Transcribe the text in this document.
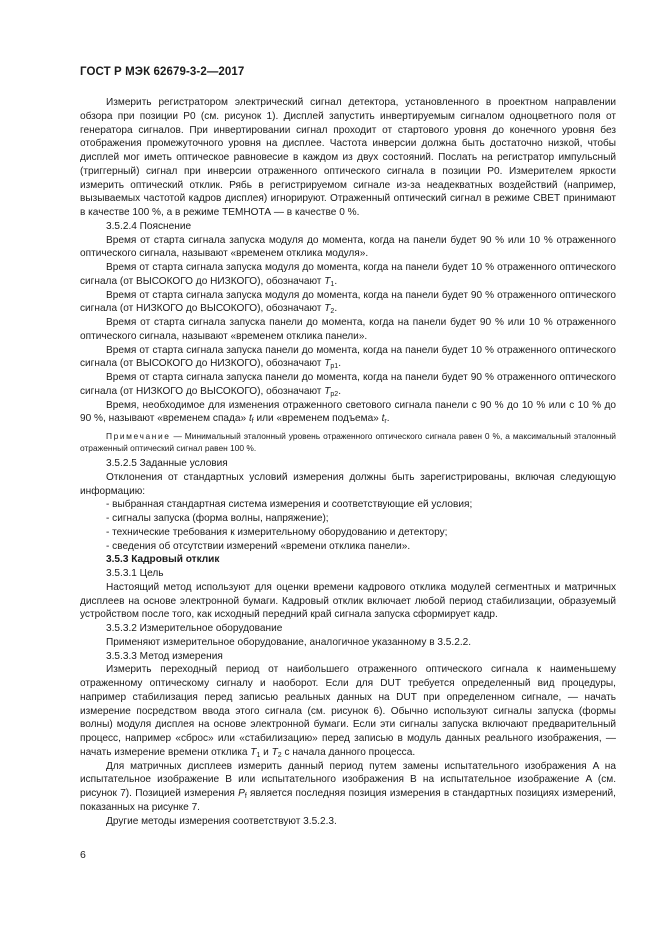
ГОСТ Р МЭК 62679-3-2—2017

Измерить регистратором электрический сигнал детектора, установленного в проектном направлении обзора при позиции P0 (см. рисунок 1). Дисплей запустить инвертируемым сигналом одноцветного поля от генератора сигналов. При инвертировании сигнал проходит от стартового уровня до конечного уровня без отображения промежуточного уровня на дисплее. Частота инверсии должна быть достаточно низкой, чтобы дисплей мог иметь оптическое равновесие в каждом из двух состояний. Послать на регистратор импульсный (триггерный) сигнал при инверсии отраженного оптического сигнала в позиции P0. Измерителем яркости измерить оптический отклик. Рябь в регистрируемом сигнале из-за неадекватных воздействий (например, вызываемых частотой кадров дисплея) игнорируют. Отраженный оптический сигнал в режиме СВЕТ принимают в качестве 100 %, а в режиме ТЕМНОТА — в качестве 0 %.

3.5.2.4 Пояснение

Время от старта сигнала запуска модуля до момента, когда на панели будет 90 % или 10 % отраженного оптического сигнала, называют «временем отклика модуля».

Время от старта сигнала запуска модуля до момента, когда на панели будет 10 % отраженного оптического сигнала (от ВЫСОКОГО до НИЗКОГО), обозначают $T_1$.

Время от старта сигнала запуска модуля до момента, когда на панели будет 90 % отраженного оптического сигнала (от НИЗКОГО до ВЫСОКОГО), обозначают $T_2$.

Время от старта сигнала запуска панели до момента, когда на панели будет 90 % или 10 % отраженного оптического сигнала, называют «временем отклика панели».

Время от старта сигнала запуска панели до момента, когда на панели будет 10 % отраженного оптического сигнала (от ВЫСОКОГО до НИЗКОГО), обозначают $T_{p1}$.

Время от старта сигнала запуска панели до момента, когда на панели будет 90 % отраженного оптического сигнала (от НИЗКОГО до ВЫСОКОГО), обозначают $T_{p2}$.

Время, необходимое для изменения отраженного светового сигнала панели с 90 % до 10 % или с 10 % до 90 %, называют «временем спада» $t_f$ или «временем подъема» $t_r$.

Примечание — Минимальный эталонный уровень отраженного оптического сигнала равен 0 %, а максимальный эталонный отраженный оптический сигнал равен 100 %.

3.5.2.5 Заданные условия

Отклонения от стандартных условий измерения должны быть зарегистрированы, включая следующую информацию:

- выбранная стандартная система измерения и соответствующие ей условия;

- сигналы запуска (форма волны, напряжение);

- технические требования к измерительному оборудованию и детектору;

- сведения об отсутствии измерений «времени отклика панели».

3.5.3 Кадровый отклик

3.5.3.1 Цель

Настоящий метод используют для оценки времени кадрового отклика модулей сегментных и матричных дисплеев на основе электронной бумаги. Кадровый отклик включает любой период стабилизации, образуемый устройством после того, как исходный передний край сигнала запуска сформирует кадр.

3.5.3.2 Измерительное оборудование

Применяют измерительное оборудование, аналогичное указанному в 3.5.2.2.

3.5.3.3 Метод измерения

Измерить переходный период от наибольшего отраженного оптического сигнала к наименьшему отраженному оптическому сигналу и наоборот. Если для DUT требуется определенный вид процедуры, например стабилизация перед записью реальных данных на DUT при определенном сигнале, — начать измерение посредством ввода этого сигнала (см. рисунок 6). Обычно используют сигналы запуска (формы волны) модуля дисплея на основе электронной бумаги. Если эти сигналы запуска включают предварительный процесс, например «сброс» или «стабилизацию» перед записью в модуль данных реального изображения, — начать измерение времени отклика $T_1$ и $T_2$ с начала данного процесса.

Для матричных дисплеев измерить данный период путем замены испытательного изображения A на испытательное изображение B или испытательного изображения B на испытательное изображение A (см. рисунок 7). Позицией измерения $P_f$ является последняя позиция измерения в стандартных позициях измерений, показанных на рисунке 7.

Другие методы измерения соответствуют 3.5.2.3.

6
